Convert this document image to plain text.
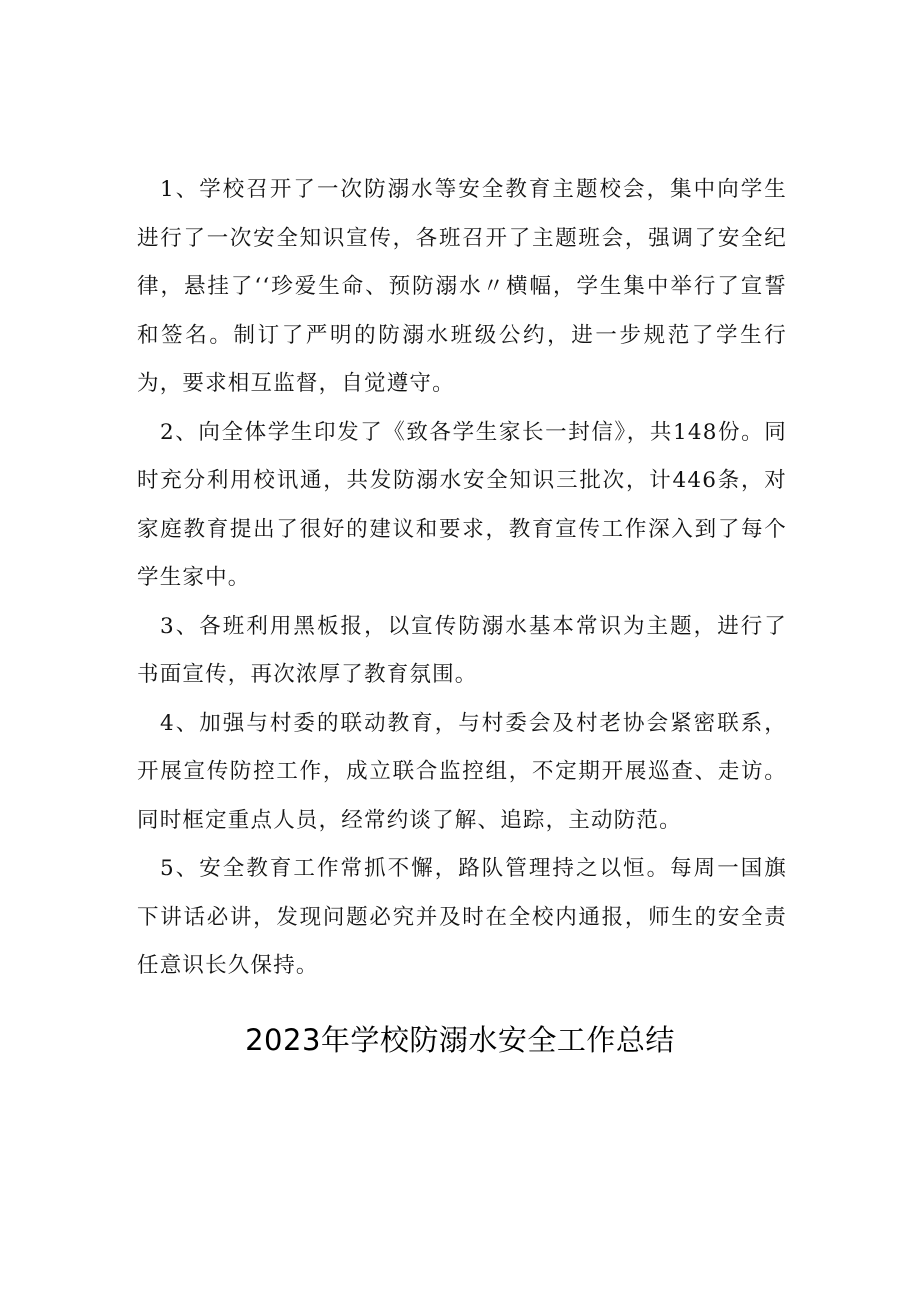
1、学校召开了一次防溺水等安全教育主题校会，集中向学生进行了一次安全知识宣传，各班召开了主题班会，强调了安全纪律，悬挂了‘‘珍爱生命、预防溺水〃横幅，学生集中举行了宣誓和签名。制订了严明的防溺水班级公约，进一步规范了学生行为，要求相互监督，自觉遵守。

2、向全体学生印发了《致各学生家长一封信》，共148份。同时充分利用校讯通，共发防溺水安全知识三批次，计446条，对家庭教育提出了很好的建议和要求，教育宣传工作深入到了每个学生家中。

3、各班利用黑板报，以宣传防溺水基本常识为主题，进行了书面宣传，再次浓厚了教育氛围。

4、加强与村委的联动教育，与村委会及村老协会紧密联系，开展宣传防控工作，成立联合监控组，不定期开展巡查、走访。同时框定重点人员，经常约谈了解、追踪，主动防范。

5、安全教育工作常抓不懈，路队管理持之以恒。每周一国旗下讲话必讲，发现问题必究并及时在全校内通报，师生的安全责任意识长久保持。

2023年学校防溺水安全工作总结
